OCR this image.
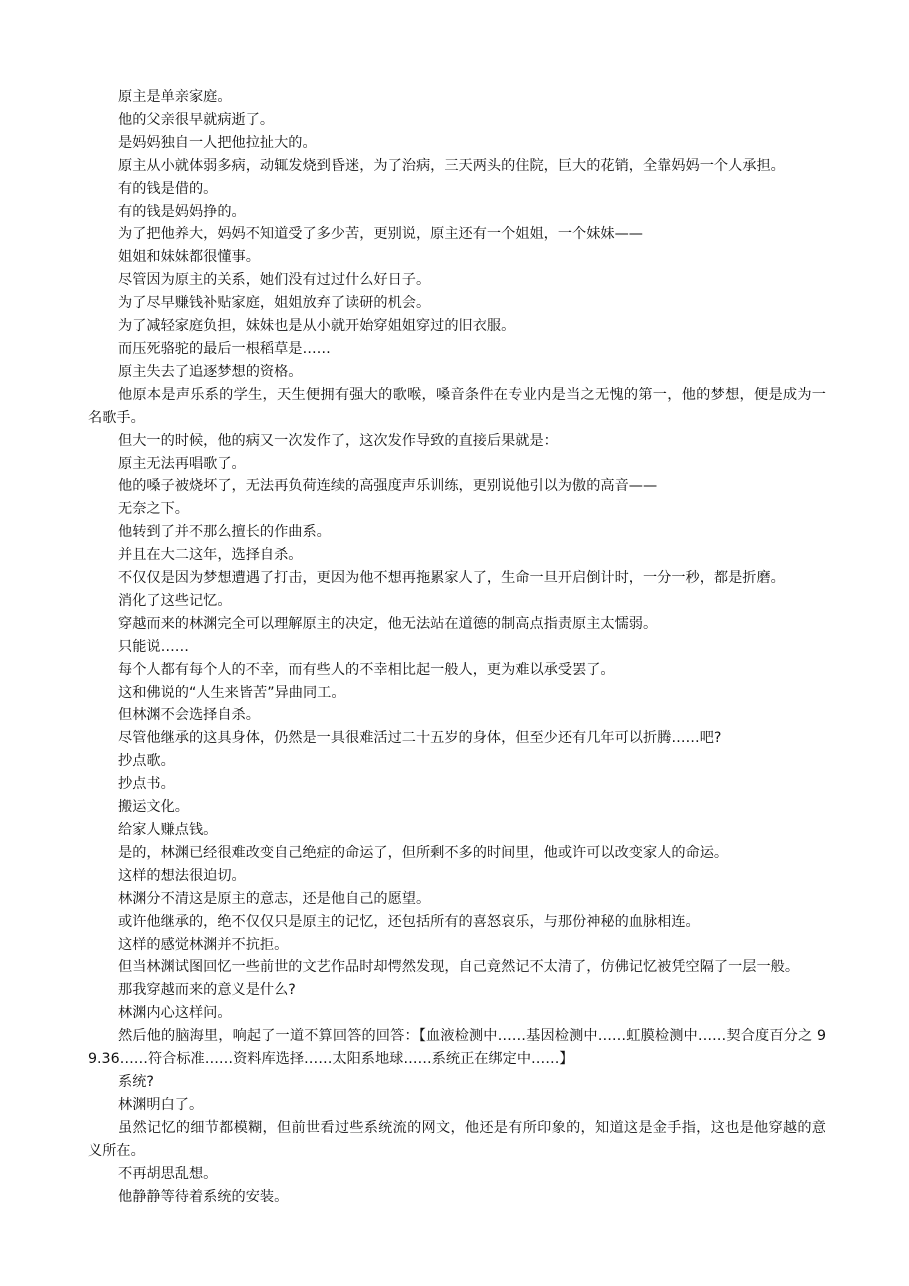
原主是单亲家庭。

他的父亲很早就病逝了。

是妈妈独自一人把他拉扯大的。

原主从小就体弱多病，动辄发烧到昏迷，为了治病，三天两头的住院，巨大的花销，全靠妈妈一个人承担。

有的钱是借的。

有的钱是妈妈挣的。

为了把他养大，妈妈不知道受了多少苦，更别说，原主还有一个姐姐，一个妹妹——

姐姐和妹妹都很懂事。

尽管因为原主的关系，她们没有过过什么好日子。

为了尽早赚钱补贴家庭，姐姐放弃了读研的机会。

为了减轻家庭负担，妹妹也是从小就开始穿姐姐穿过的旧衣服。

而压死骆驼的最后一根稻草是……

原主失去了追逐梦想的资格。

他原本是声乐系的学生，天生便拥有强大的歌喉，嗓音条件在专业内是当之无愧的第一，他的梦想，便是成为一名歌手。

但大一的时候，他的病又一次发作了，这次发作导致的直接后果就是：

原主无法再唱歌了。

他的嗓子被烧坏了，无法再负荷连续的高强度声乐训练，更别说他引以为傲的高音——

无奈之下。

他转到了并不那么擅长的作曲系。

并且在大二这年，选择自杀。

不仅仅是因为梦想遭遇了打击，更因为他不想再拖累家人了，生命一旦开启倒计时，一分一秒，都是折磨。

消化了这些记忆。

穿越而来的林渊完全可以理解原主的决定，他无法站在道德的制高点指责原主太懦弱。

只能说……

每个人都有每个人的不幸，而有些人的不幸相比起一般人，更为难以承受罢了。

这和佛说的“人生来皆苦”异曲同工。

但林渊不会选择自杀。

尽管他继承的这具身体，仍然是一具很难活过二十五岁的身体，但至少还有几年可以折腾……吧?

抄点歌。

抄点书。

搬运文化。

给家人赚点钱。

是的，林渊已经很难改变自己绝症的命运了，但所剩不多的时间里，他或许可以改变家人的命运。

这样的想法很迫切。

林渊分不清这是原主的意志，还是他自己的愿望。

或许他继承的，绝不仅仅只是原主的记忆，还包括所有的喜怒哀乐，与那份神秘的血脉相连。

这样的感觉林渊并不抗拒。

但当林渊试图回忆一些前世的文艺作品时却愕然发现，自己竟然记不太清了，仿佛记忆被凭空隔了一层一般。

那我穿越而来的意义是什么?

林渊内心这样问。

然后他的脑海里，响起了一道不算回答的回答：【血液检测中……基因检测中……虹膜检测中……契合度百分之 99.36……符合标准……资料库选择……太阳系地球……系统正在绑定中……】

系统?

林渊明白了。

虽然记忆的细节都模糊，但前世看过些系统流的网文，他还是有所印象的，知道这是金手指，这也是他穿越的意义所在。

不再胡思乱想。

他静静等待着系统的安装。
